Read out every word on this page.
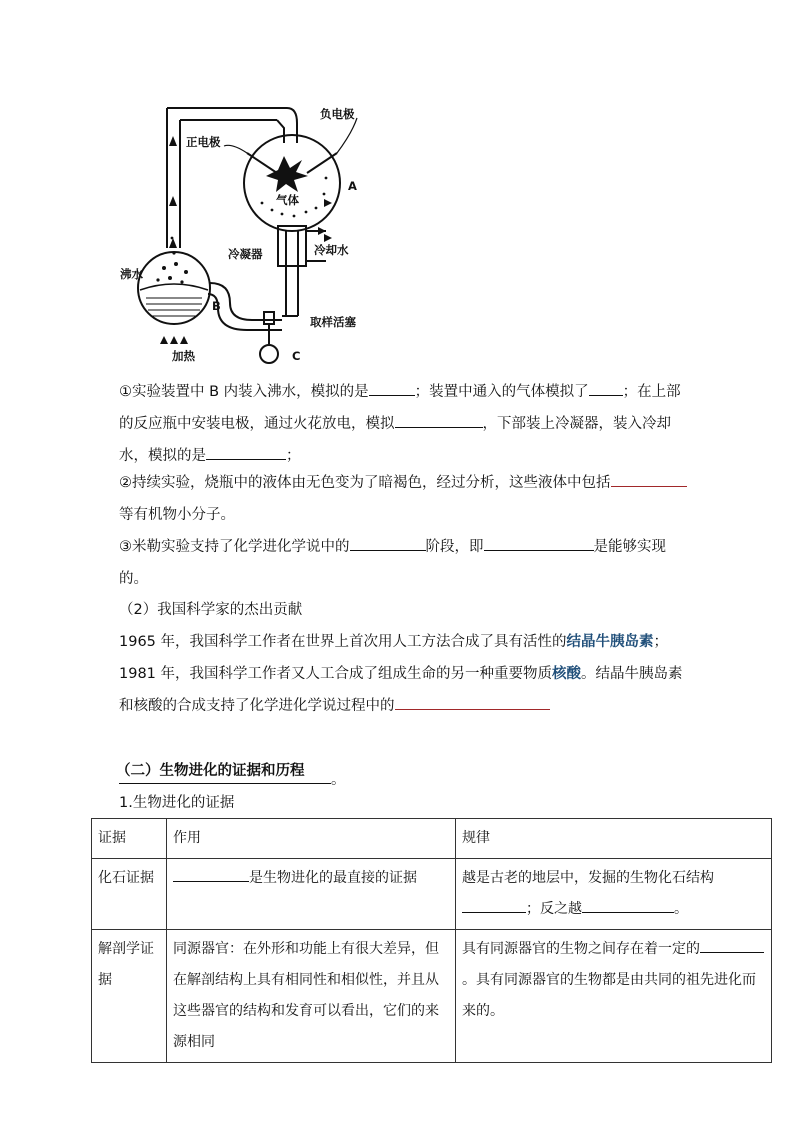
负电极
正电极
气体
A
冷凝器	冷却水
沸水
B
加热
取样活塞
C

①实验装置中 B 内装入沸水，模拟的是	；装置中通入的气体模拟了 ；在上部的反应瓶中安装电极，通过火花放电，模拟	，下部装上冷凝器，装入冷却水，模拟的是	；

②持续实验，烧瓶中的液体由无色变为了暗褐色，经过分析，这些液体中包括
等有机物小分子。

③米勒实验支持了化学进化学说中的	阶段，即	是能够实现的。

（2）我国科学家的杰出贡献

1965 年，我国科学工作者在世界上首次用人工方法合成了具有活性的结晶牛胰岛素；1981 年，我国科学工作者又人工合成了组成生命的另一种重要物质核酸。结晶牛胰岛素和核酸的合成支持了化学进化学说过程中的

。

（二）生物进化的证据和历程

1.生物进化的证据

证据	作用	规律
化石证据	是生物进化的最直接的证据	越是古老的地层中，发掘的生物化石结构；反之越 。
解剖学证据	同源器官：在外形和功能上有很大差异，但在解剖结构上具有相同性和相似性，并且从这些器官的结构和发育可以看出，它们的来源相同	具有同源器官的生物之间存在着一定的。具有同源器官的生物都是由共同的祖先进化而来的。
